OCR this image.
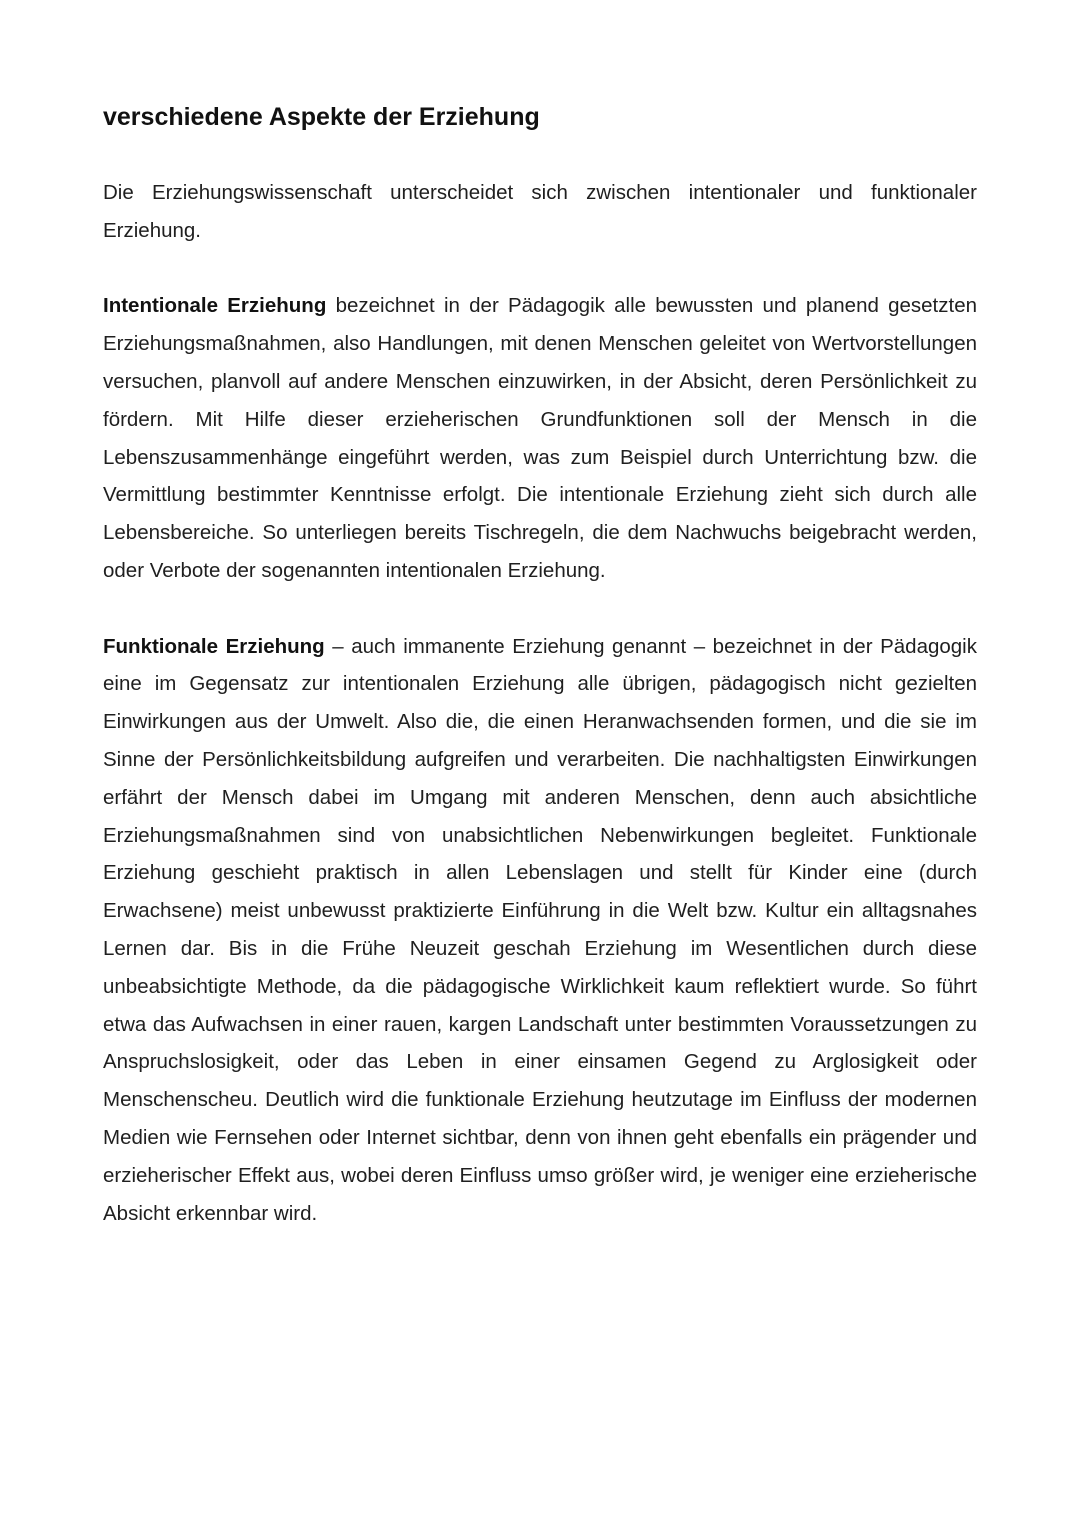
verschiedene Aspekte der Erziehung

Die Erziehungswissenschaft unterscheidet sich zwischen intentionaler und funktionaler Erziehung.

Intentionale Erziehung bezeichnet in der Pädagogik alle bewussten und planend gesetzten Erziehungsmaßnahmen, also Handlungen, mit denen Menschen geleitet von Wertvorstellungen versuchen, planvoll auf andere Menschen einzuwirken, in der Absicht, deren Persönlichkeit zu fördern. Mit Hilfe dieser erzieherischen Grundfunktionen soll der Mensch in die Lebenszusammenhänge eingeführt werden, was zum Beispiel durch Unterrichtung bzw. die Vermittlung bestimmter Kenntnisse erfolgt. Die intentionale Erziehung zieht sich durch alle Lebensbereiche. So unterliegen bereits Tischregeln, die dem Nachwuchs beigebracht werden, oder Verbote der sogenannten intentionalen Erziehung.

Funktionale Erziehung – auch immanente Erziehung genannt – bezeichnet in der Pädagogik eine im Gegensatz zur intentionalen Erziehung alle übrigen, pädagogisch nicht gezielten Einwirkungen aus der Umwelt. Also die, die einen Heranwachsenden formen, und die sie im Sinne der Persönlichkeitsbildung aufgreifen und verarbeiten. Die nachhaltigsten Einwirkungen erfährt der Mensch dabei im Umgang mit anderen Menschen, denn auch absichtliche Erziehungsmaßnahmen sind von unabsichtlichen Nebenwirkungen begleitet. Funktionale Erziehung geschieht praktisch in allen Lebenslagen und stellt für Kinder eine (durch Erwachsene) meist unbewusst praktizierte Einführung in die Welt bzw. Kultur ein alltagsnahes Lernen dar. Bis in die Frühe Neuzeit geschah Erziehung im Wesentlichen durch diese unbeabsichtigte Methode, da die pädagogische Wirklichkeit kaum reflektiert wurde. So führt etwa das Aufwachsen in einer rauen, kargen Landschaft unter bestimmten Voraussetzungen zu Anspruchslosigkeit, oder das Leben in einer einsamen Gegend zu Arglosigkeit oder Menschenscheu. Deutlich wird die funktionale Erziehung heutzutage im Einfluss der modernen Medien wie Fernsehen oder Internet sichtbar, denn von ihnen geht ebenfalls ein prägender und erzieherischer Effekt aus, wobei deren Einfluss umso größer wird, je weniger eine erzieherische Absicht erkennbar wird.
